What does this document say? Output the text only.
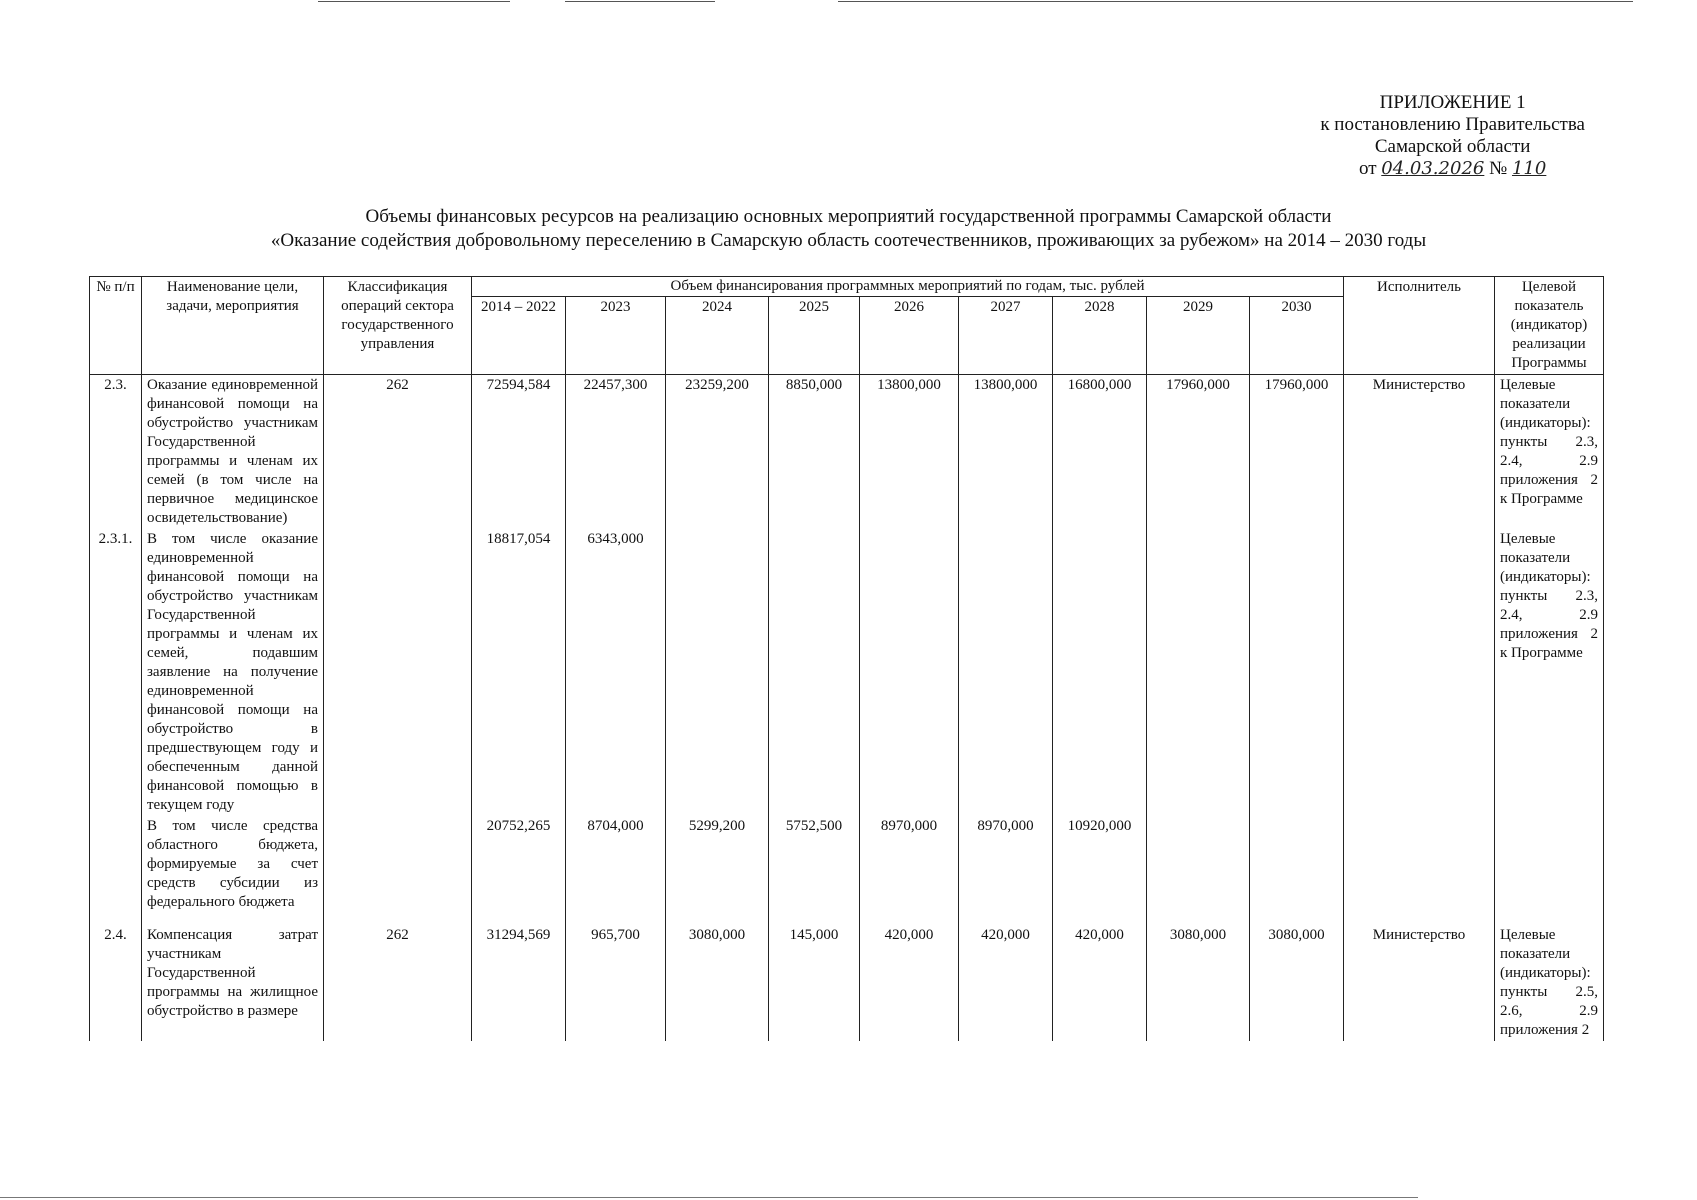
ПРИЛОЖЕНИЕ 1
к постановлению Правительства
Самарской области
от 04.03.2026 № 110
Объемы финансовых ресурсов на реализацию основных мероприятий государственной программы Самарской области
«Оказание содействия добровольному переселению в Самарскую область соотечественников, проживающих за рубежом» на 2014 – 2030 годы
№ п/п	Наименование цели, задачи, мероприятия	Классификация операций сектора государственного управления	Объем финансирования программных мероприятий по годам, тыс. рублей									Исполнитель	Целевой показатель (индикатор) реализации Программы
			2014 – 2022	2023	2024	2025	2026	2027	2028	2029	2030		
2.3.	Оказание единовременной финансовой помощи на обустройство участникам Государственной программы и членам их семей (в том числе на первичное медицинское освидетельствование)	262	72594,584	22457,300	23259,200	8850,000	13800,000	13800,000	16800,000	17960,000	17960,000	Министерство	Целевые показатели (индикаторы): пункты 2.3, 2.4, 2.9 приложения 2 к Программе
2.3.1.	В том числе оказание единовременной финансовой помощи на обустройство участникам Государственной программы и членам их семей, подавшим заявление на получение единовременной финансовой помощи на обустройство в предшествующем году и обеспеченным данной финансовой помощью в текущем году		18817,054	6343,000									Целевые показатели (индикаторы): пункты 2.3, 2.4, 2.9 приложения 2 к Программе
	В том числе средства областного бюджета, формируемые за счет средств субсидии из федерального бюджета		20752,265	8704,000	5299,200	5752,500	8970,000	8970,000	10920,000				

2.4.	Компенсация затрат участникам Государственной программы на жилищное обустройство в размере	262	31294,569	965,700	3080,000	145,000	420,000	420,000	420,000	3080,000	3080,000	Министерство	Целевые показатели (индикаторы): пункты 2.5, 2.6, 2.9 приложения 2
